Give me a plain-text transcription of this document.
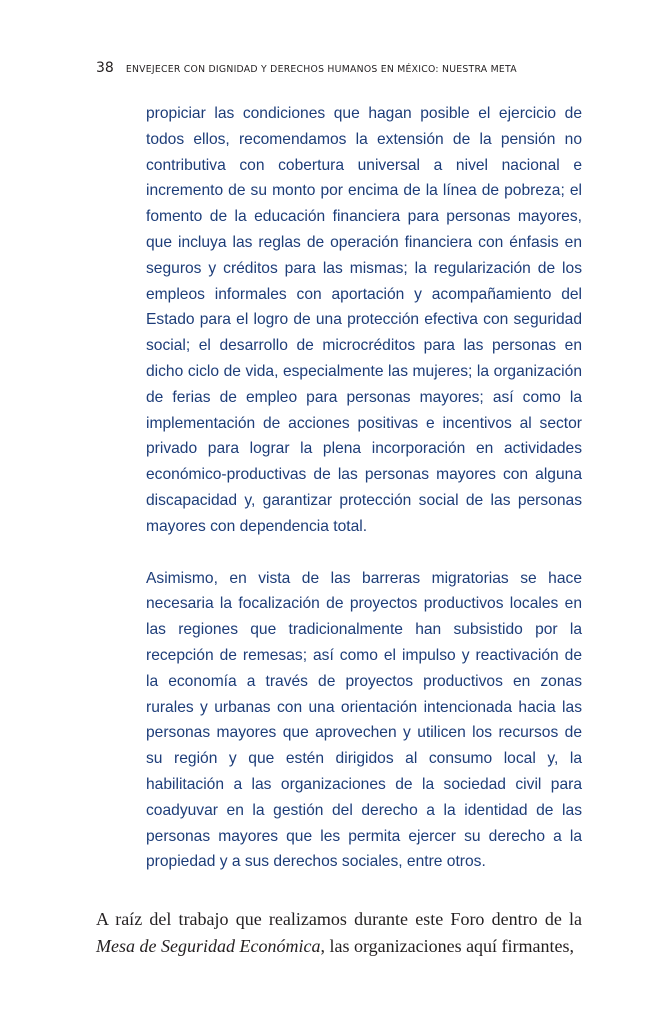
38 ENVEJECER CON DIGNIDAD Y DERECHOS HUMANOS EN MÉXICO: NUESTRA META

propiciar las condiciones que hagan posible el ejercicio de todos ellos, recomendamos la extensión de la pensión no contributiva con cobertura universal a nivel nacional e incremento de su monto por encima de la línea de pobreza; el fomento de la educación financiera para personas mayores, que incluya las reglas de operación financiera con énfasis en seguros y créditos para las mismas; la regularización de los empleos informales con aportación y acompañamiento del Estado para el logro de una protección efectiva con seguridad social; el desarrollo de microcréditos para las personas en dicho ciclo de vida, especialmente las mujeres; la organización de ferias de empleo para personas mayores; así como la implementación de acciones positivas e incentivos al sector privado para lograr la plena incorporación en actividades económico-productivas de las personas mayores con alguna discapacidad y, garantizar protección social de las personas mayores con dependencia total.

Asimismo, en vista de las barreras migratorias se hace necesaria la focalización de proyectos productivos locales en las regiones que tradicionalmente han subsistido por la recepción de remesas; así como el impulso y reactivación de la economía a través de proyectos productivos en zonas rurales y urbanas con una orientación intencionada hacia las personas mayores que aprovechen y utilicen los recursos de su región y que estén dirigidos al consumo local y, la habilitación a las organizaciones de la sociedad civil para coadyuvar en la gestión del derecho a la identidad de las personas mayores que les permita ejercer su derecho a la propiedad y a sus derechos sociales, entre otros.

A raíz del trabajo que realizamos durante este Foro dentro de la Mesa de Seguridad Económica, las organizaciones aquí firmantes,
